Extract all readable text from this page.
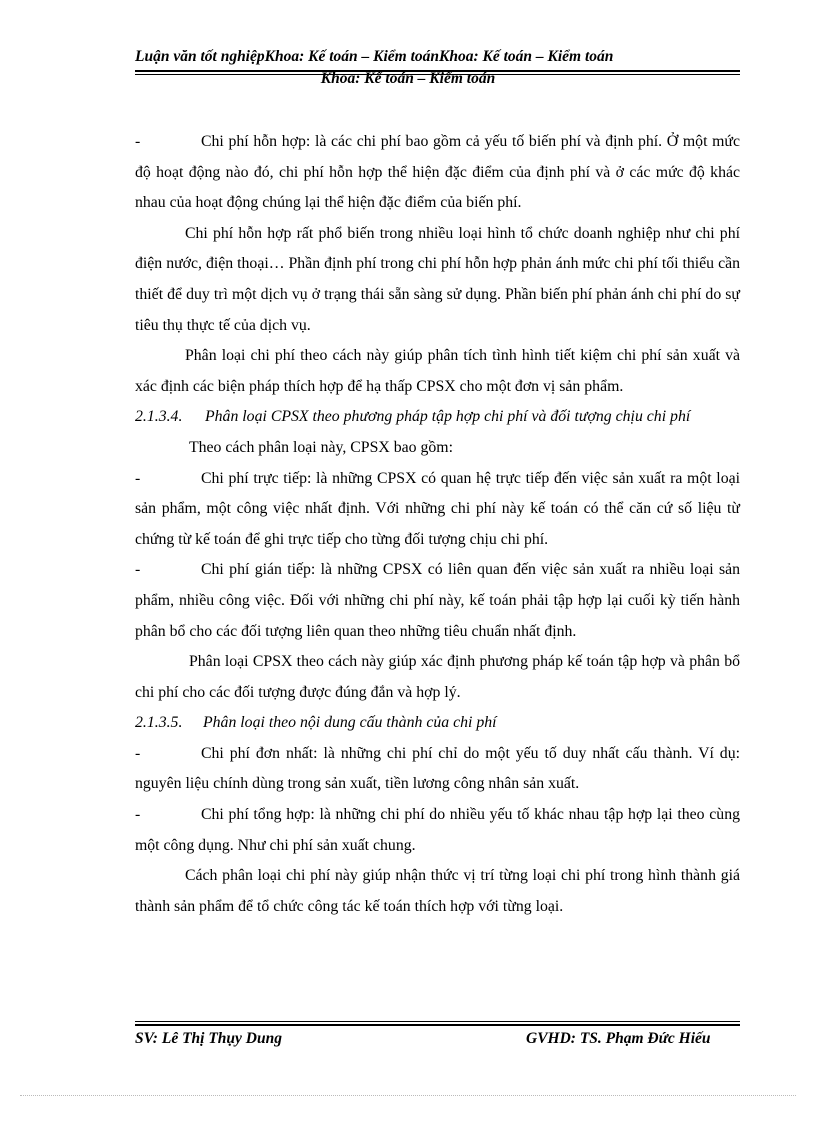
Luận văn tốt nghiệpKhoa: Kế toán – Kiểm toánKhoa: Kế toán – Kiểm toán
Khoa: Kế toán – Kiểm toán

-	Chi phí hỗn hợp: là các chi phí bao gồm cả yếu tố biến phí và định phí. Ở một mức độ hoạt động nào đó, chi phí hỗn hợp thể hiện đặc điểm của định phí và ở các mức độ khác nhau của hoạt động chúng lại thể hiện đặc điểm của biến phí.

Chi phí hỗn hợp rất phổ biến trong nhiều loại hình tổ chức doanh nghiệp như chi phí điện nước, điện thoại… Phần định phí trong chi phí hỗn hợp phản ánh mức chi phí tối thiểu cần thiết để duy trì một dịch vụ ở trạng thái sẵn sàng sử dụng. Phần biến phí phản ánh chi phí do sự tiêu thụ thực tế của dịch vụ.

Phân loại chi phí theo cách này giúp phân tích tình hình tiết kiệm chi phí sản xuất và xác định các biện pháp thích hợp để hạ thấp CPSX cho một đơn vị sản phẩm.

2.1.3.4. Phân loại CPSX theo phương pháp tập hợp chi phí và đối tượng chịu chi phí

Theo cách phân loại này, CPSX bao gồm:

-	Chi phí trực tiếp: là những CPSX có quan hệ trực tiếp đến việc sản xuất ra một loại sản phẩm, một công việc nhất định. Với những chi phí này kế toán có thể căn cứ số liệu từ chứng từ kế toán để ghi trực tiếp cho từng đối tượng chịu chi phí.

-	Chi phí gián tiếp: là những CPSX có liên quan đến việc sản xuất ra nhiều loại sản phẩm, nhiều công việc. Đối với những chi phí này, kế toán phải tập hợp lại cuối kỳ tiến hành phân bổ cho các đối tượng liên quan theo những tiêu chuẩn nhất định.

Phân loại CPSX theo cách này giúp xác định phương pháp kế toán tập hợp và phân bổ chi phí cho các đối tượng được đúng đắn và hợp lý.

2.1.3.5. Phân loại theo nội dung cấu thành của chi phí

-	Chi phí đơn nhất: là những chi phí chỉ do một yếu tố duy nhất cấu thành. Ví dụ: nguyên liệu chính dùng trong sản xuất, tiền lương công nhân sản xuất.

-	Chi phí tổng hợp: là những chi phí do nhiều yếu tố khác nhau tập hợp lại theo cùng một công dụng. Như chi phí sản xuất chung.

Cách phân loại chi phí này giúp nhận thức vị trí từng loại chi phí trong hình thành giá thành sản phẩm để tổ chức công tác kế toán thích hợp với từng loại.

SV: Lê Thị Thụy Dung	GVHD: TS. Phạm Đức Hiếu
